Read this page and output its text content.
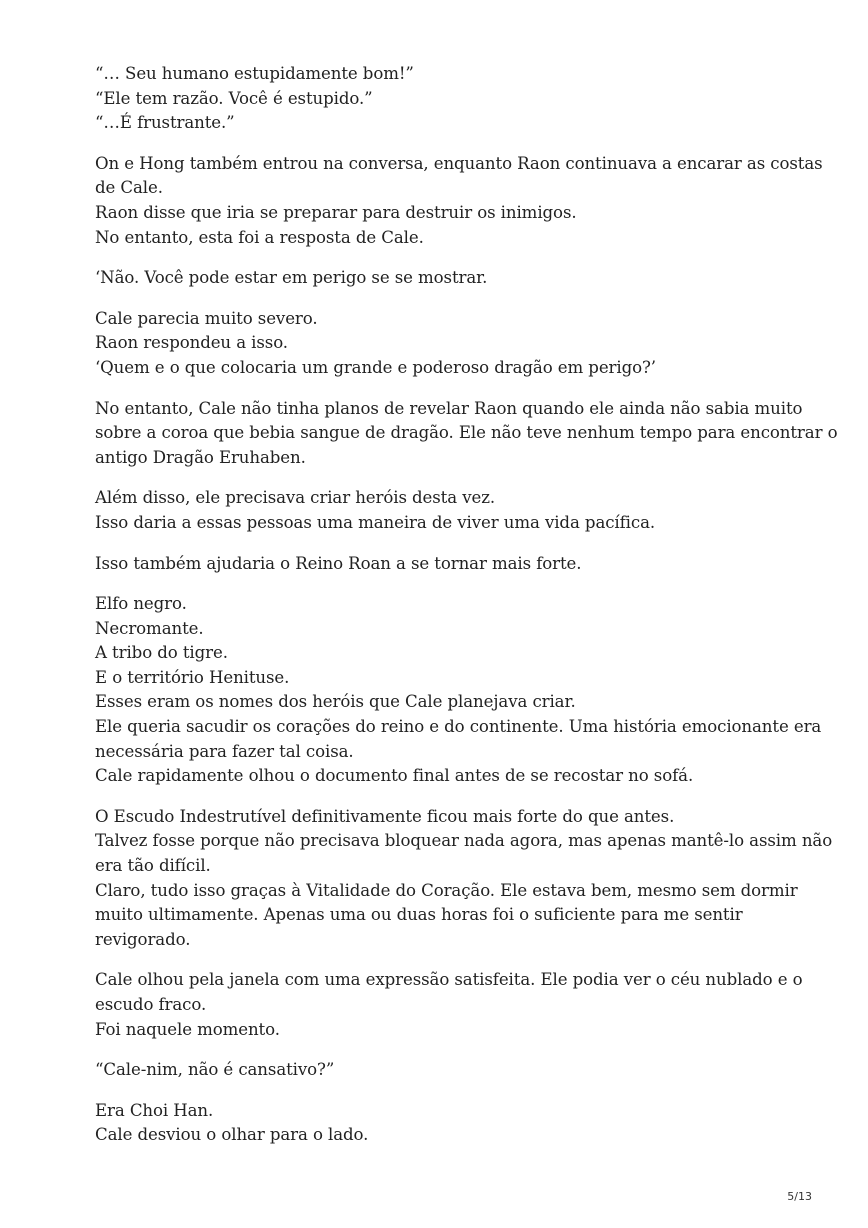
“… Seu humano estupidamente bom!”
“Ele tem razão. Você é estupido.”
“…É frustrante.”
On e Hong também entrou na conversa, enquanto Raon continuava a encarar as costas
de Cale.
Raon disse que iria se preparar para destruir os inimigos.
No entanto, esta foi a resposta de Cale.
‘Não. Você pode estar em perigo se se mostrar.
Cale parecia muito severo.
Raon respondeu a isso.
‘Quem e o que colocaria um grande e poderoso dragão em perigo?’
No entanto, Cale não tinha planos de revelar Raon quando ele ainda não sabia muito
sobre a coroa que bebia sangue de dragão. Ele não teve nenhum tempo para encontrar o
antigo Dragão Eruhaben.
Além disso, ele precisava criar heróis desta vez.
Isso daria a essas pessoas uma maneira de viver uma vida pacífica.
Isso também ajudaria o Reino Roan a se tornar mais forte.
Elfo negro.
Necromante.
A tribo do tigre.
E o território Henituse.
Esses eram os nomes dos heróis que Cale planejava criar.
Ele queria sacudir os corações do reino e do continente. Uma história emocionante era
necessária para fazer tal coisa.
Cale rapidamente olhou o documento final antes de se recostar no sofá.
O Escudo Indestrutível definitivamente ficou mais forte do que antes.
Talvez fosse porque não precisava bloquear nada agora, mas apenas mantê-lo assim não
era tão difícil.
Claro, tudo isso graças à Vitalidade do Coração. Ele estava bem, mesmo sem dormir
muito ultimamente. Apenas uma ou duas horas foi o suficiente para me sentir
revigorado.
Cale olhou pela janela com uma expressão satisfeita. Ele podia ver o céu nublado e o
escudo fraco.
Foi naquele momento.
“Cale-nim, não é cansativo?”
Era Choi Han.
Cale desviou o olhar para o lado.
5/13
